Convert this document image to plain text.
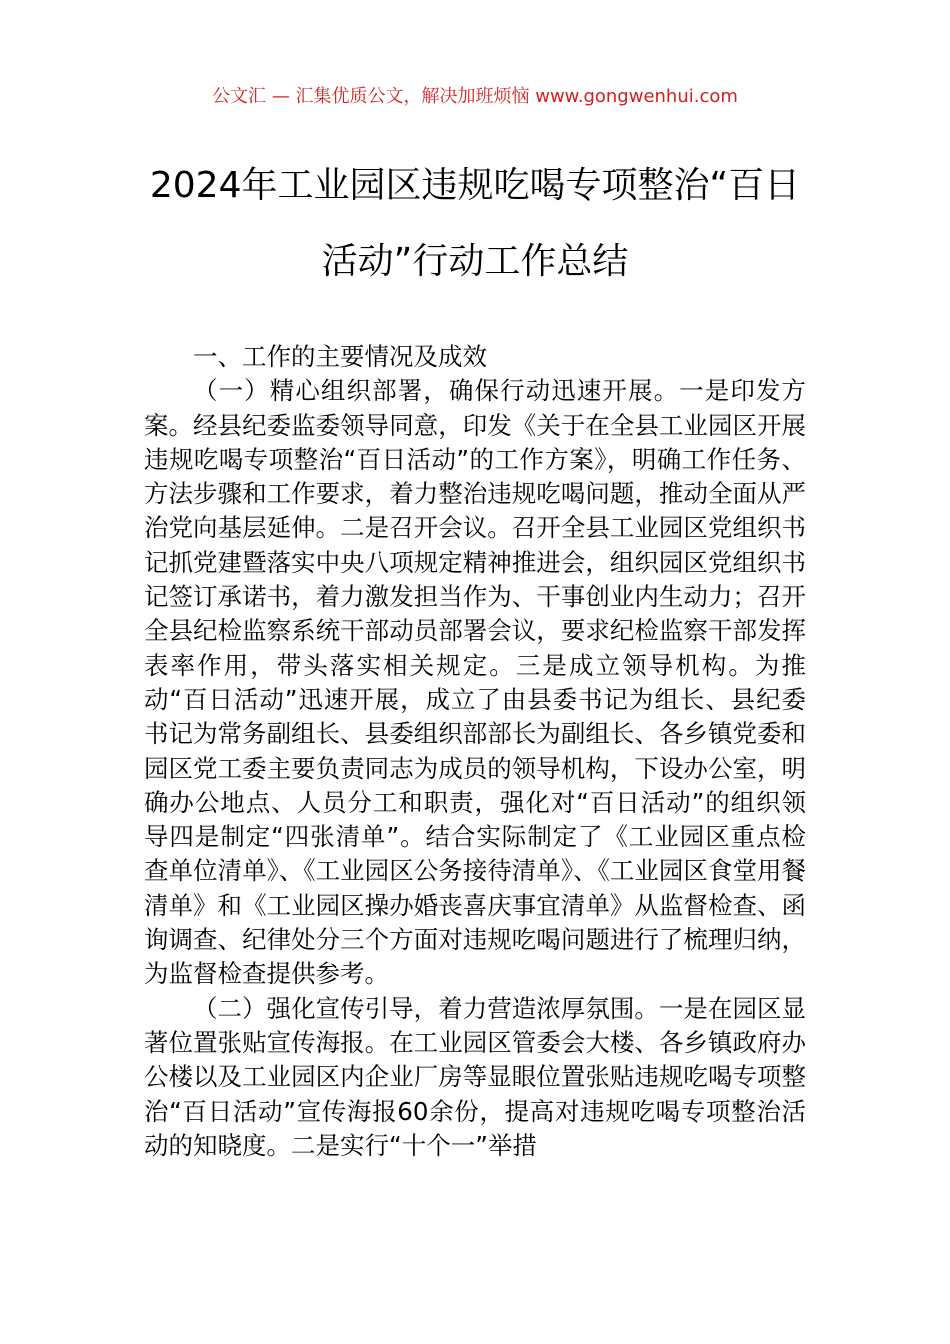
公文汇 — 汇集优质公文，解决加班烦恼 www.gongwenhui.com
2024年工业园区违规吃喝专项整治“百日活动”行动工作总结

一、工作的主要情况及成效

（一）精心组织部署，确保行动迅速开展。一是印发方案。经县纪委监委领导同意，印发《关于在全县工业园区开展违规吃喝专项整治“百日活动”的工作方案》，明确工作任务、方法步骤和工作要求，着力整治违规吃喝问题，推动全面从严治党向基层延伸。二是召开会议。召开全县工业园区党组织书记抓党建暨落实中央八项规定精神推进会，组织园区党组织书记签订承诺书，着力激发担当作为、干事创业内生动力；召开全县纪检监察系统干部动员部署会议，要求纪检监察干部发挥表率作用，带头落实相关规定。三是成立领导机构。为推动“百日活动”迅速开展，成立了由县委书记为组长、县纪委书记为常务副组长、县委组织部部长为副组长、各乡镇党委和园区党工委主要负责同志为成员的领导机构，下设办公室，明确办公地点、人员分工和职责，强化对“百日活动”的组织领导四是制定“四张清单”。结合实际制定了《工业园区重点检查单位清单》、《工业园区公务接待清单》、《工业园区食堂用餐清单》和《工业园区操办婚丧喜庆事宜清单》从监督检查、函询调查、纪律处分三个方面对违规吃喝问题进行了梳理归纳，为监督检查提供参考。

（二）强化宣传引导，着力营造浓厚氛围。一是在园区显著位置张贴宣传海报。在工业园区管委会大楼、各乡镇政府办公楼以及工业园区内企业厂房等显眼位置张贴违规吃喝专项整治“百日活动”宣传海报60余份，提高对违规吃喝专项整治活动的知晓度。二是实行“十个一”举措
